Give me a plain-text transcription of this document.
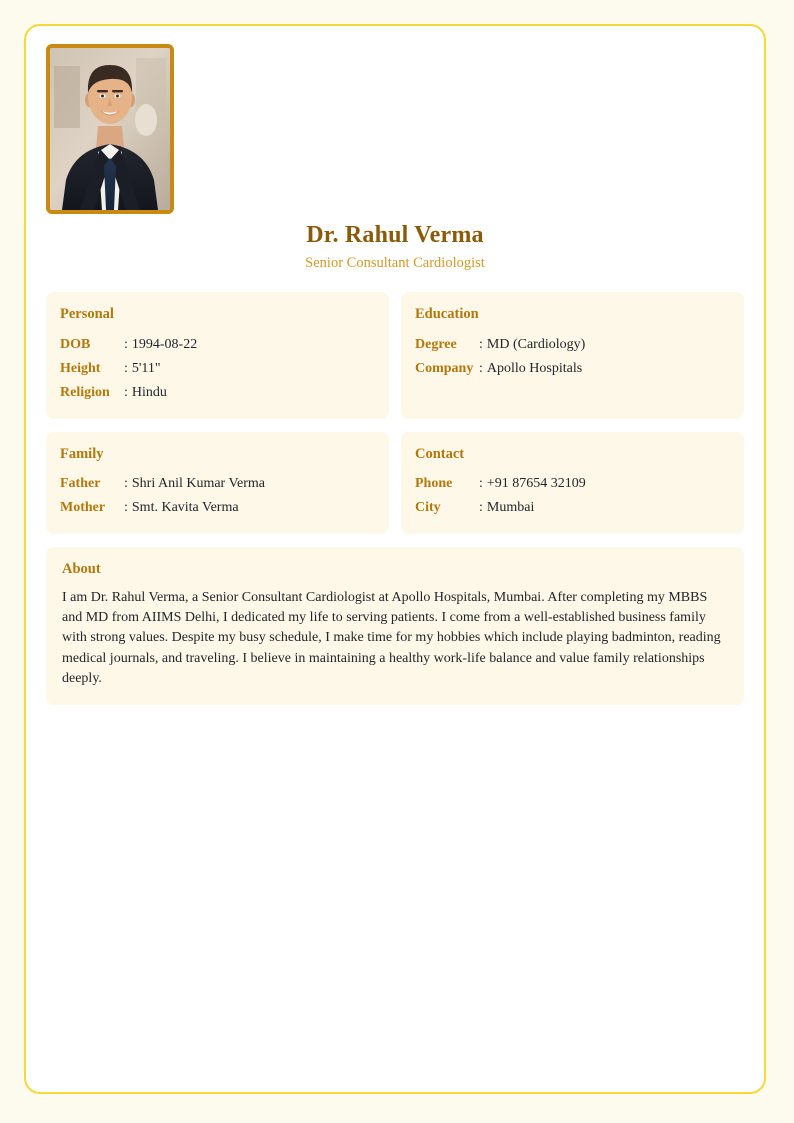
Dr. Rahul Verma
Senior Consultant Cardiologist
Personal
DOB	: 1994-08-22
Height	: 5'11"
Religion	: Hindu
Education
Degree	: MD (Cardiology)
Company : Apollo Hospitals
Family
Father	: Shri Anil Kumar Verma
Mother	: Smt. Kavita Verma
Contact
Phone	: +91 87654 32109
City	: Mumbai
About
I am Dr. Rahul Verma, a Senior Consultant Cardiologist at Apollo Hospitals, Mumbai. After completing my MBBS and MD from AIIMS Delhi, I dedicated my life to serving patients. I come from a well-established business family with strong values. Despite my busy schedule, I make time for my hobbies which include playing badminton, reading medical journals, and traveling. I believe in maintaining a healthy work-life balance and value family relationships deeply.
